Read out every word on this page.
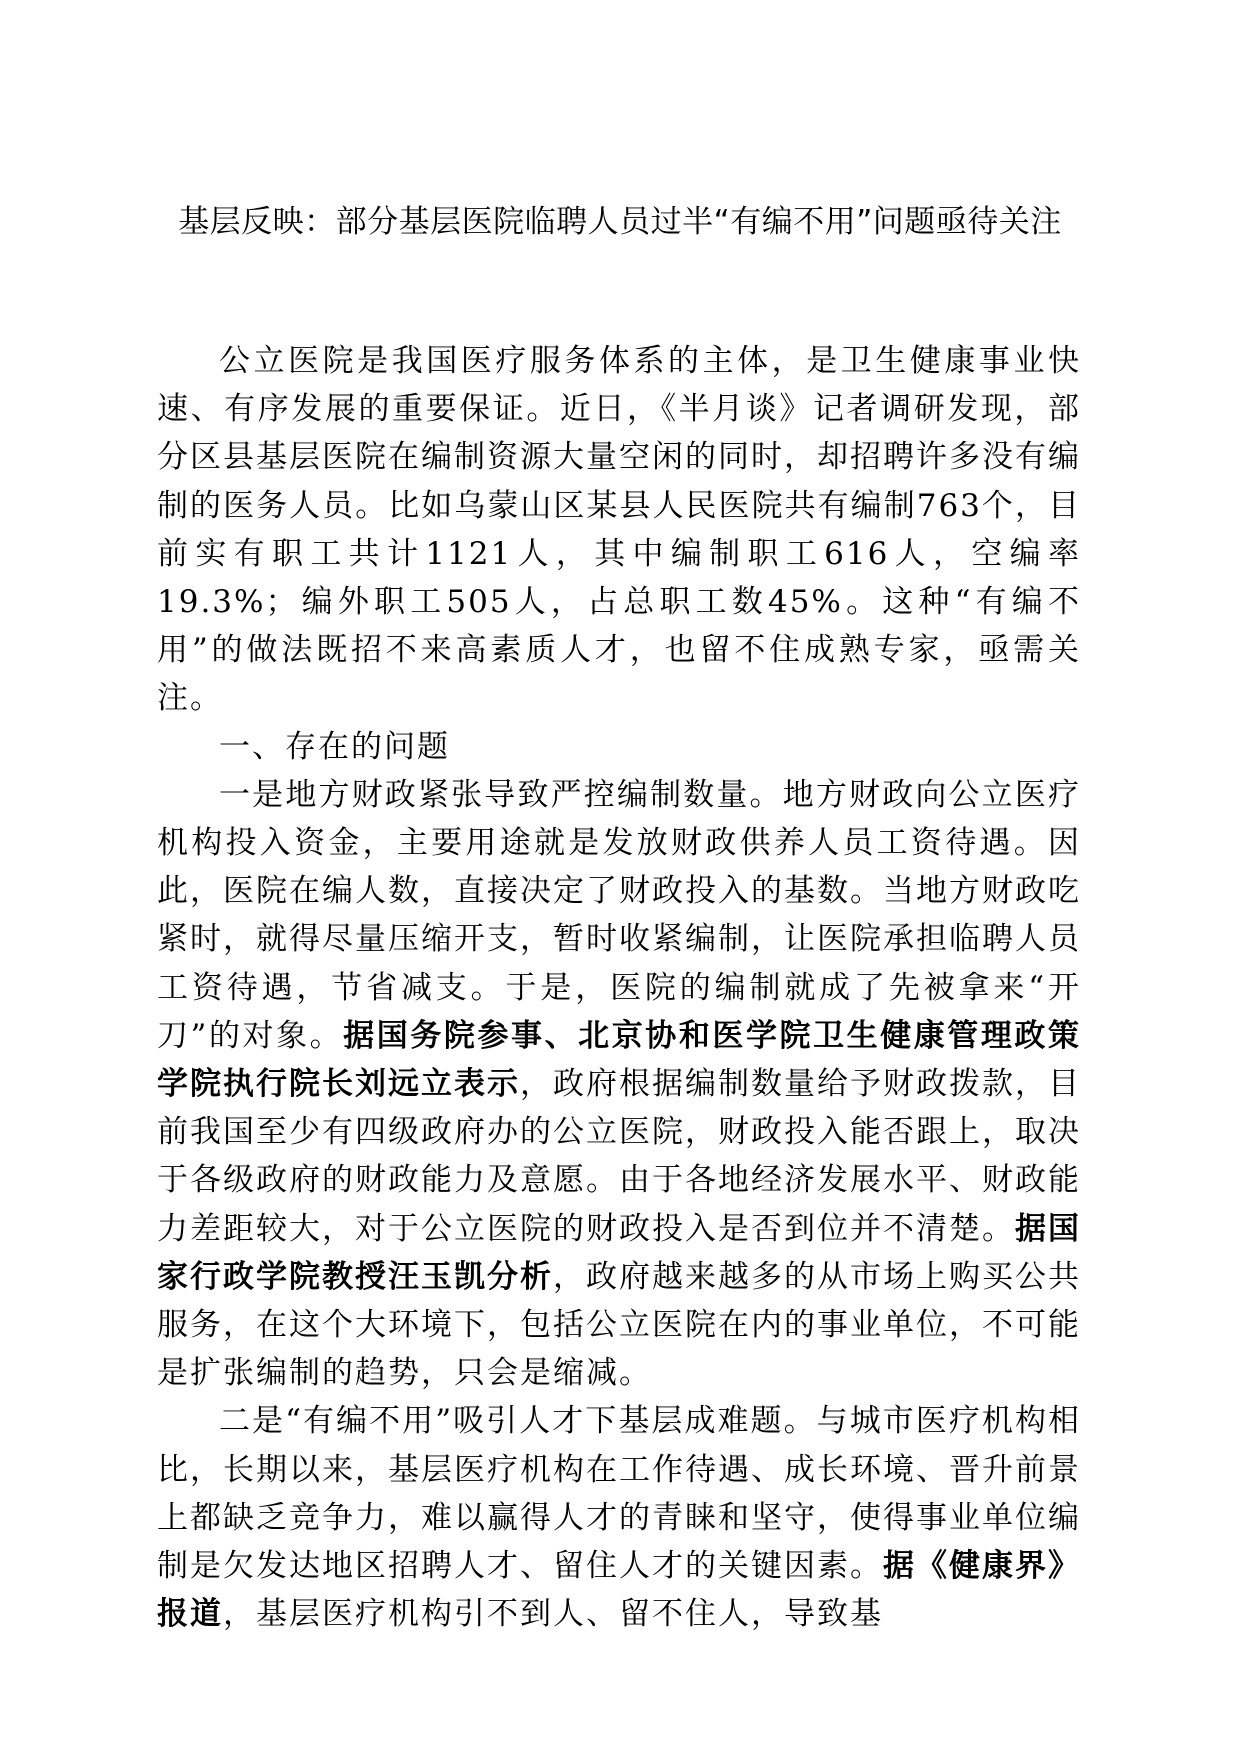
基层反映：部分基层医院临聘人员过半“有编不用”问题亟待关注

公立医院是我国医疗服务体系的主体，是卫生健康事业快速、有序发展的重要保证。近日，《半月谈》记者调研发现，部分区县基层医院在编制资源大量空闲的同时，却招聘许多没有编制的医务人员。比如乌蒙山区某县人民医院共有编制763个，目前实有职工共计1121人，其中编制职工616人，空编率19.3%；编外职工505人，占总职工数45%。这种“有编不用”的做法既招不来高素质人才，也留不住成熟专家，亟需关注。

一、存在的问题

一是地方财政紧张导致严控编制数量。地方财政向公立医疗机构投入资金，主要用途就是发放财政供养人员工资待遇。因此，医院在编人数，直接决定了财政投入的基数。当地方财政吃紧时，就得尽量压缩开支，暂时收紧编制，让医院承担临聘人员工资待遇，节省减支。于是，医院的编制就成了先被拿来“开刀”的对象。据国务院参事、北京协和医学院卫生健康管理政策学院执行院长刘远立表示，政府根据编制数量给予财政拨款，目前我国至少有四级政府办的公立医院，财政投入能否跟上，取决于各级政府的财政能力及意愿。由于各地经济发展水平、财政能力差距较大，对于公立医院的财政投入是否到位并不清楚。据国家行政学院教授汪玉凯分析，政府越来越多的从市场上购买公共服务，在这个大环境下，包括公立医院在内的事业单位，不可能是扩张编制的趋势，只会是缩减。

二是“有编不用”吸引人才下基层成难题。与城市医疗机构相比，长期以来，基层医疗机构在工作待遇、成长环境、晋升前景上都缺乏竞争力，难以赢得人才的青睐和坚守，使得事业单位编制是欠发达地区招聘人才、留住人才的关键因素。据《健康界》报道，基层医疗机构引不到人、留不住人，导致基
